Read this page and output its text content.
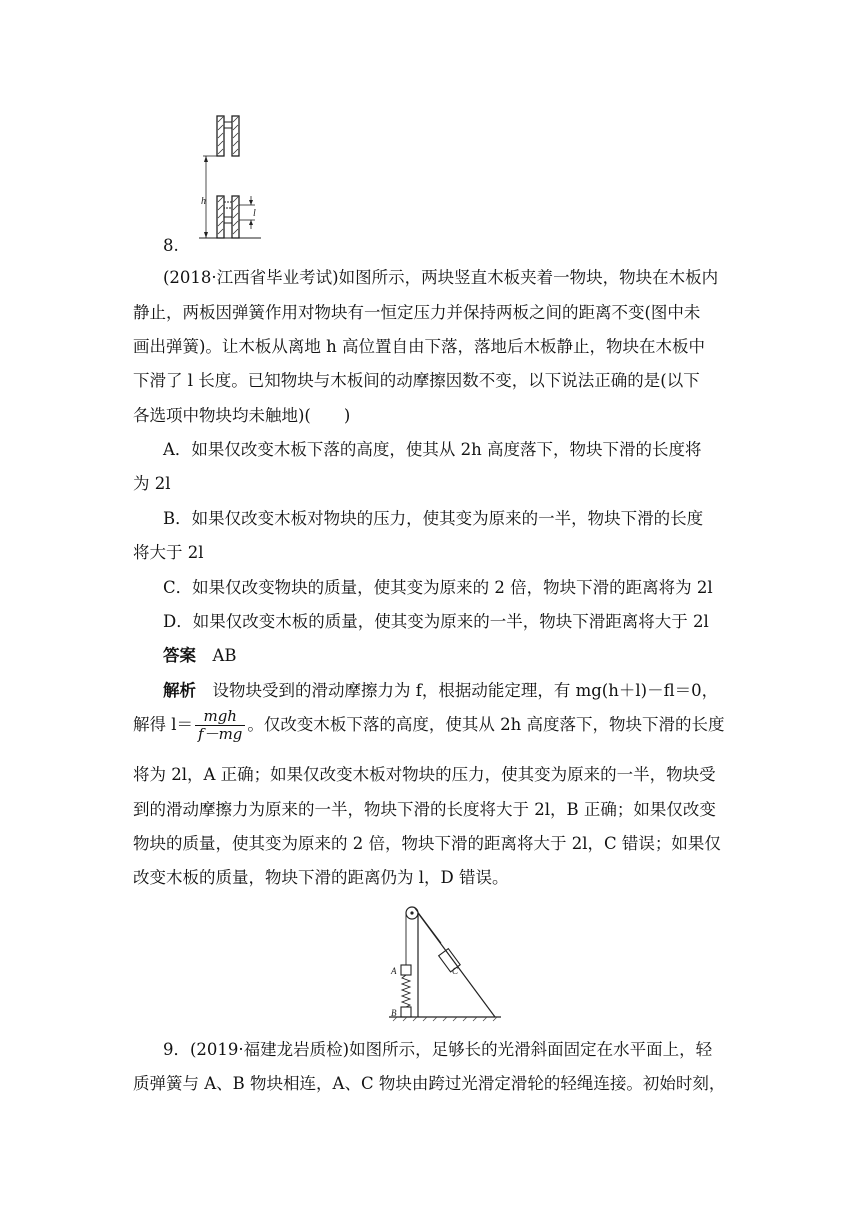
h
l
8.
(2018·江西省毕业考试)如图所示，两块竖直木板夹着一物块，物块在木板内
静止，两板因弹簧作用对物块有一恒定压力并保持两板之间的距离不变(图中未
画出弹簧)。让木板从离地 h 高位置自由下落，落地后木板静止，物块在木板中
下滑了 l 长度。已知物块与木板间的动摩擦因数不变，以下说法正确的是(以下
各选项中物块均未触地)(　　)
A．如果仅改变木板下落的高度，使其从 2h 高度落下，物块下滑的长度将
为 2l
B．如果仅改变木板对物块的压力，使其变为原来的一半，物块下滑的长度
将大于 2l
C．如果仅改变物块的质量，使其变为原来的 2 倍，物块下滑的距离将为 2l
D．如果仅改变木板的质量，使其变为原来的一半，物块下滑距离将大于 2l
答案　 AB
解析　 设物块受到的滑动摩擦力为 f，根据动能定理，有 mg(h＋l)－fl＝0，
解得 $l= \frac{\text{mgh}}{f-mg}$ 。仅改变木板下落的高度，使其从 2h 高度落下，物块下滑的长度
将为 2l，A 正确；如果仅改变木板对物块的压力，使其变为原来的一半，物块受
到的滑动摩擦力为原来的一半，物块下滑的长度将大于 2l，B 正确；如果仅改变
物块的质量，使其变为原来的 2 倍，物块下滑的距离将大于 2l，C 错误；如果仅
改变木板的质量，物块下滑的距离仍为 l，D 错误。
C
A
B
9．(2019·福建龙岩质检)如图所示，足够长的光滑斜面固定在水平面上，轻
质弹簧与 A、B 物块相连，A、C 物块由跨过光滑定滑轮的轻绳连接。初始时刻，
